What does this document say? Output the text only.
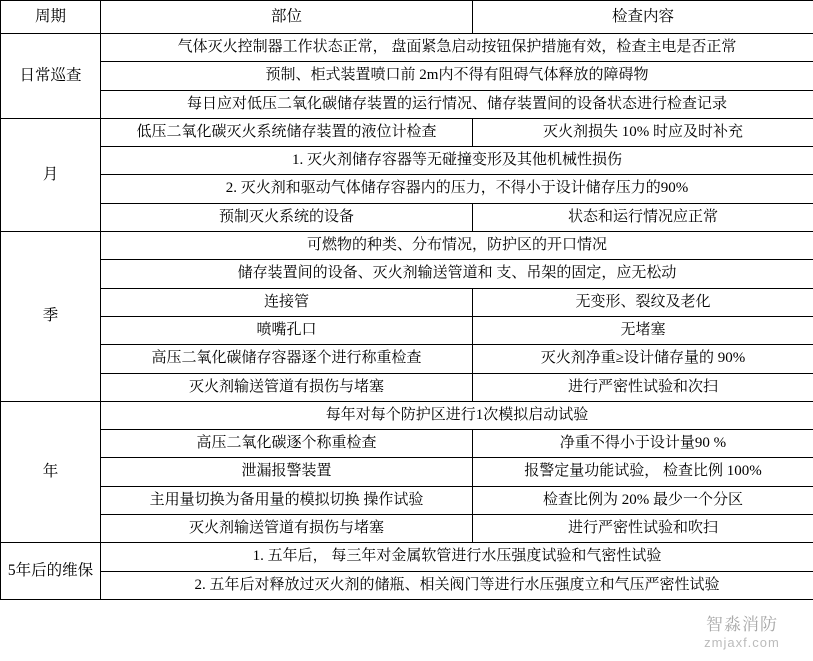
周期	部位	检查内容
日常巡查	气体灭火控制器工作状态正常， 盘面紧急启动按钮保护措施有效，检查主电是否正常	
	预制、柜式装置喷口前 2m内不得有阻碍气体释放的障碍物	
	每日应对低压二氧化碳储存装置的运行情况、储存装置间的设备状态进行检查记录	
月	低压二氧化碳灭火系统储存装置的液位计检查	灭火剂损失 10% 时应及时补充
	1. 灭火剂储存容器等无碰撞变形及其他机械性损伤	
	2. 灭火剂和驱动气体储存容器内的压力，不得小于设计储存压力的90%	
	预制灭火系统的设备	状态和运行情况应正常
季	可燃物的种类、分布情况，防护区的开口情况	
	储存装置间的设备、灭火剂输送管道和 支、吊架的固定，应无松动	
	连接管	无变形、裂纹及老化
	喷嘴孔口	无堵塞
	高压二氧化碳储存容器逐个进行称重检查	灭火剂净重≥设计储存量的 90%
	灭火剂输送管道有损伤与堵塞	进行严密性试验和次扫
年	每年对每个防护区进行1次模拟启动试验	
	高压二氧化碳逐个称重检查	净重不得小于设计量90 %
	泄漏报警装置	报警定量功能试验， 检查比例 100%
	主用量切换为备用量的模拟切换 操作试验	检查比例为 20% 最少一个分区
	灭火剂输送管道有损伤与堵塞	进行严密性试验和吹扫
5年后的维保	1. 五年后， 每三年对金属软管进行水压强度试验和气密性试验	
	2. 五年后对释放过灭火剂的储瓶、相关阀门等进行水压强度立和气压严密性试验	
智淼消防
zmjaxf.com
